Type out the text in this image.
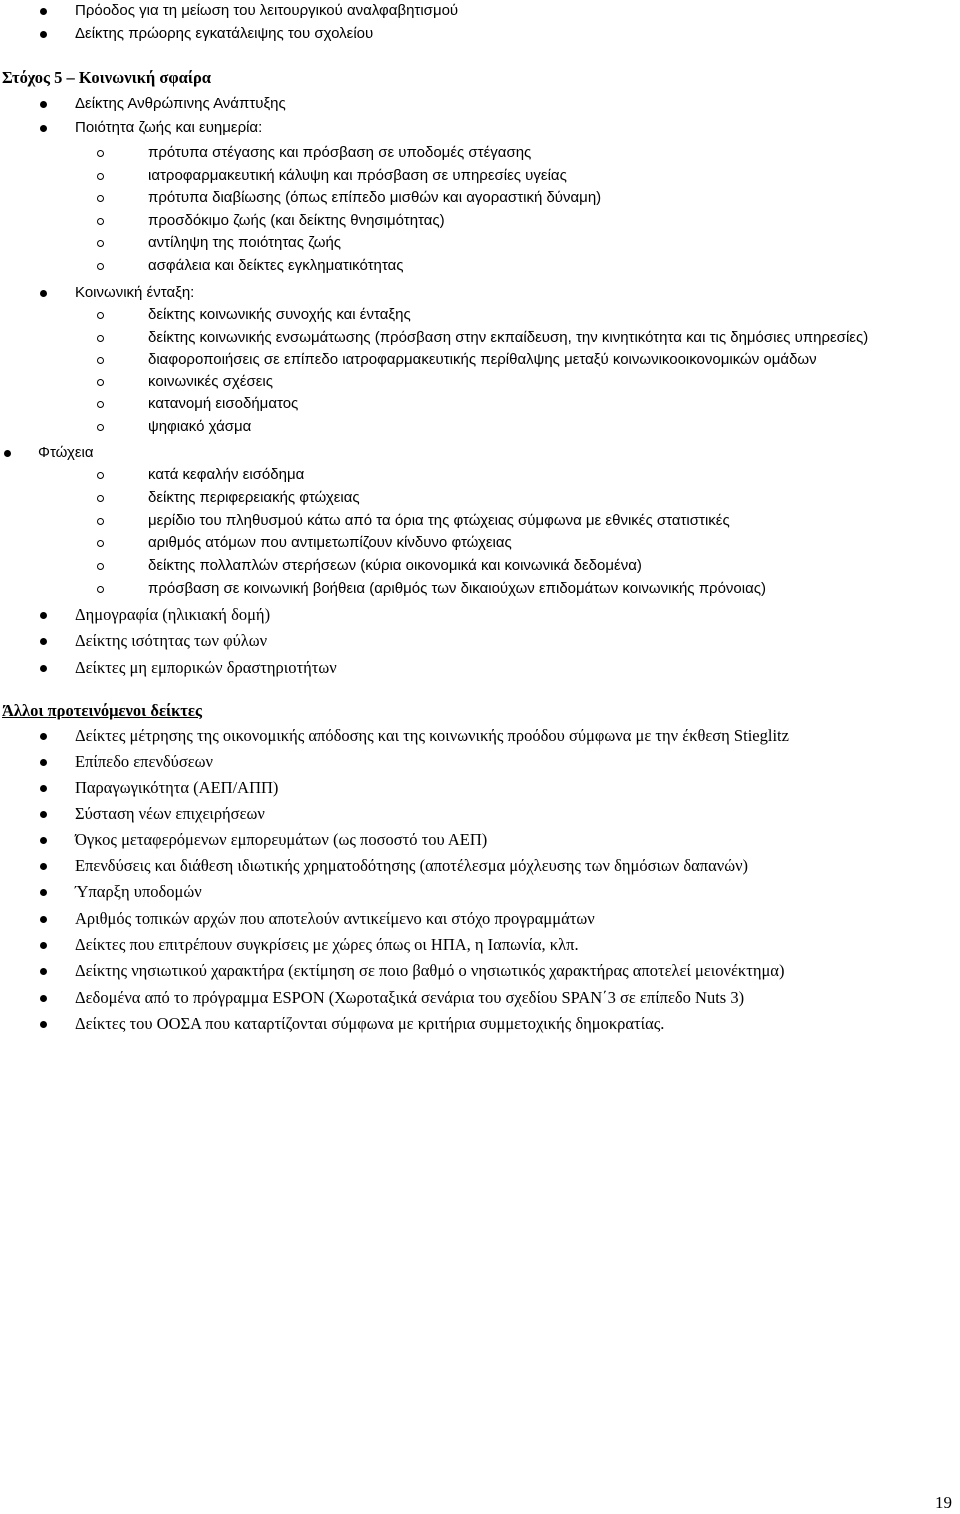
Πρόοδος για τη μείωση του λειτουργικού αναλφαβητισμού
Δείκτης πρώορης εγκατάλειψης του σχολείου
Στόχος 5 – Κοινωνική σφαίρα
Δείκτης Ανθρώπινης Ανάπτυξης
Ποιότητα ζωής και ευημερία:
πρότυπα στέγασης και πρόσβαση σε υποδομές στέγασης
ιατροφαρμακευτική κάλυψη και πρόσβαση σε υπηρεσίες υγείας
πρότυπα διαβίωσης (όπως επίπεδο μισθών και αγοραστική δύναμη)
προσδόκιμο ζωής (και δείκτης θνησιμότητας)
αντίληψη της ποιότητας ζωής
ασφάλεια και δείκτες εγκληματικότητας
Κοινωνική ένταξη:
δείκτης κοινωνικής συνοχής και ένταξης
δείκτης κοινωνικής ενσωμάτωσης (πρόσβαση στην εκπαίδευση, την κινητικότητα και τις δημόσιες υπηρεσίες)
διαφοροποιήσεις σε επίπεδο ιατροφαρμακευτικής περίθαλψης μεταξύ κοινωνικοοικονομικών ομάδων
κοινωνικές σχέσεις
κατανομή εισοδήματος
ψηφιακό χάσμα
Φτώχεια
κατά κεφαλήν εισόδημα
δείκτης περιφερειακής φτώχειας
μερίδιο του πληθυσμού κάτω από τα όρια της φτώχειας σύμφωνα με εθνικές στατιστικές
αριθμός ατόμων που αντιμετωπίζουν κίνδυνο φτώχειας
δείκτης πολλαπλών στερήσεων (κύρια οικονομικά και κοινωνικά δεδομένα)
πρόσβαση σε κοινωνική βοήθεια (αριθμός των δικαιούχων επιδομάτων κοινωνικής πρόνοιας)
Δημογραφία (ηλικιακή δομή)
Δείκτης ισότητας των φύλων
Δείκτες μη εμπορικών δραστηριοτήτων
Άλλοι προτεινόμενοι δείκτες
Δείκτες μέτρησης της οικονομικής απόδοσης και της κοινωνικής προόδου σύμφωνα με την έκθεση Stieglitz
Επίπεδο επενδύσεων
Παραγωγικότητα (ΑΕΠ/ΑΠΠ)
Σύσταση νέων επιχειρήσεων
Όγκος μεταφερόμενων εμπορευμάτων (ως ποσοστό του ΑΕΠ)
Επενδύσεις και διάθεση ιδιωτικής χρηματοδότησης (αποτέλεσμα μόχλευσης των δημόσιων δαπανών)
Ύπαρξη υποδομών
Αριθμός τοπικών αρχών που αποτελούν αντικείμενο και στόχο προγραμμάτων
Δείκτες που επιτρέπουν συγκρίσεις με χώρες όπως οι ΗΠΑ, η Ιαπωνία, κλπ.
Δείκτης νησιωτικού χαρακτήρα (εκτίμηση σε ποιο βαθμό ο νησιωτικός χαρακτήρας αποτελεί μειονέκτημα)
Δεδομένα από το πρόγραμμα ESPON (Χωροταξικά σενάρια του σχεδίου SPAN΄3 σε επίπεδο Nuts 3)
Δείκτες του ΟΟΣΑ που καταρτίζονται σύμφωνα με κριτήρια συμμετοχικής δημοκρατίας.
19
